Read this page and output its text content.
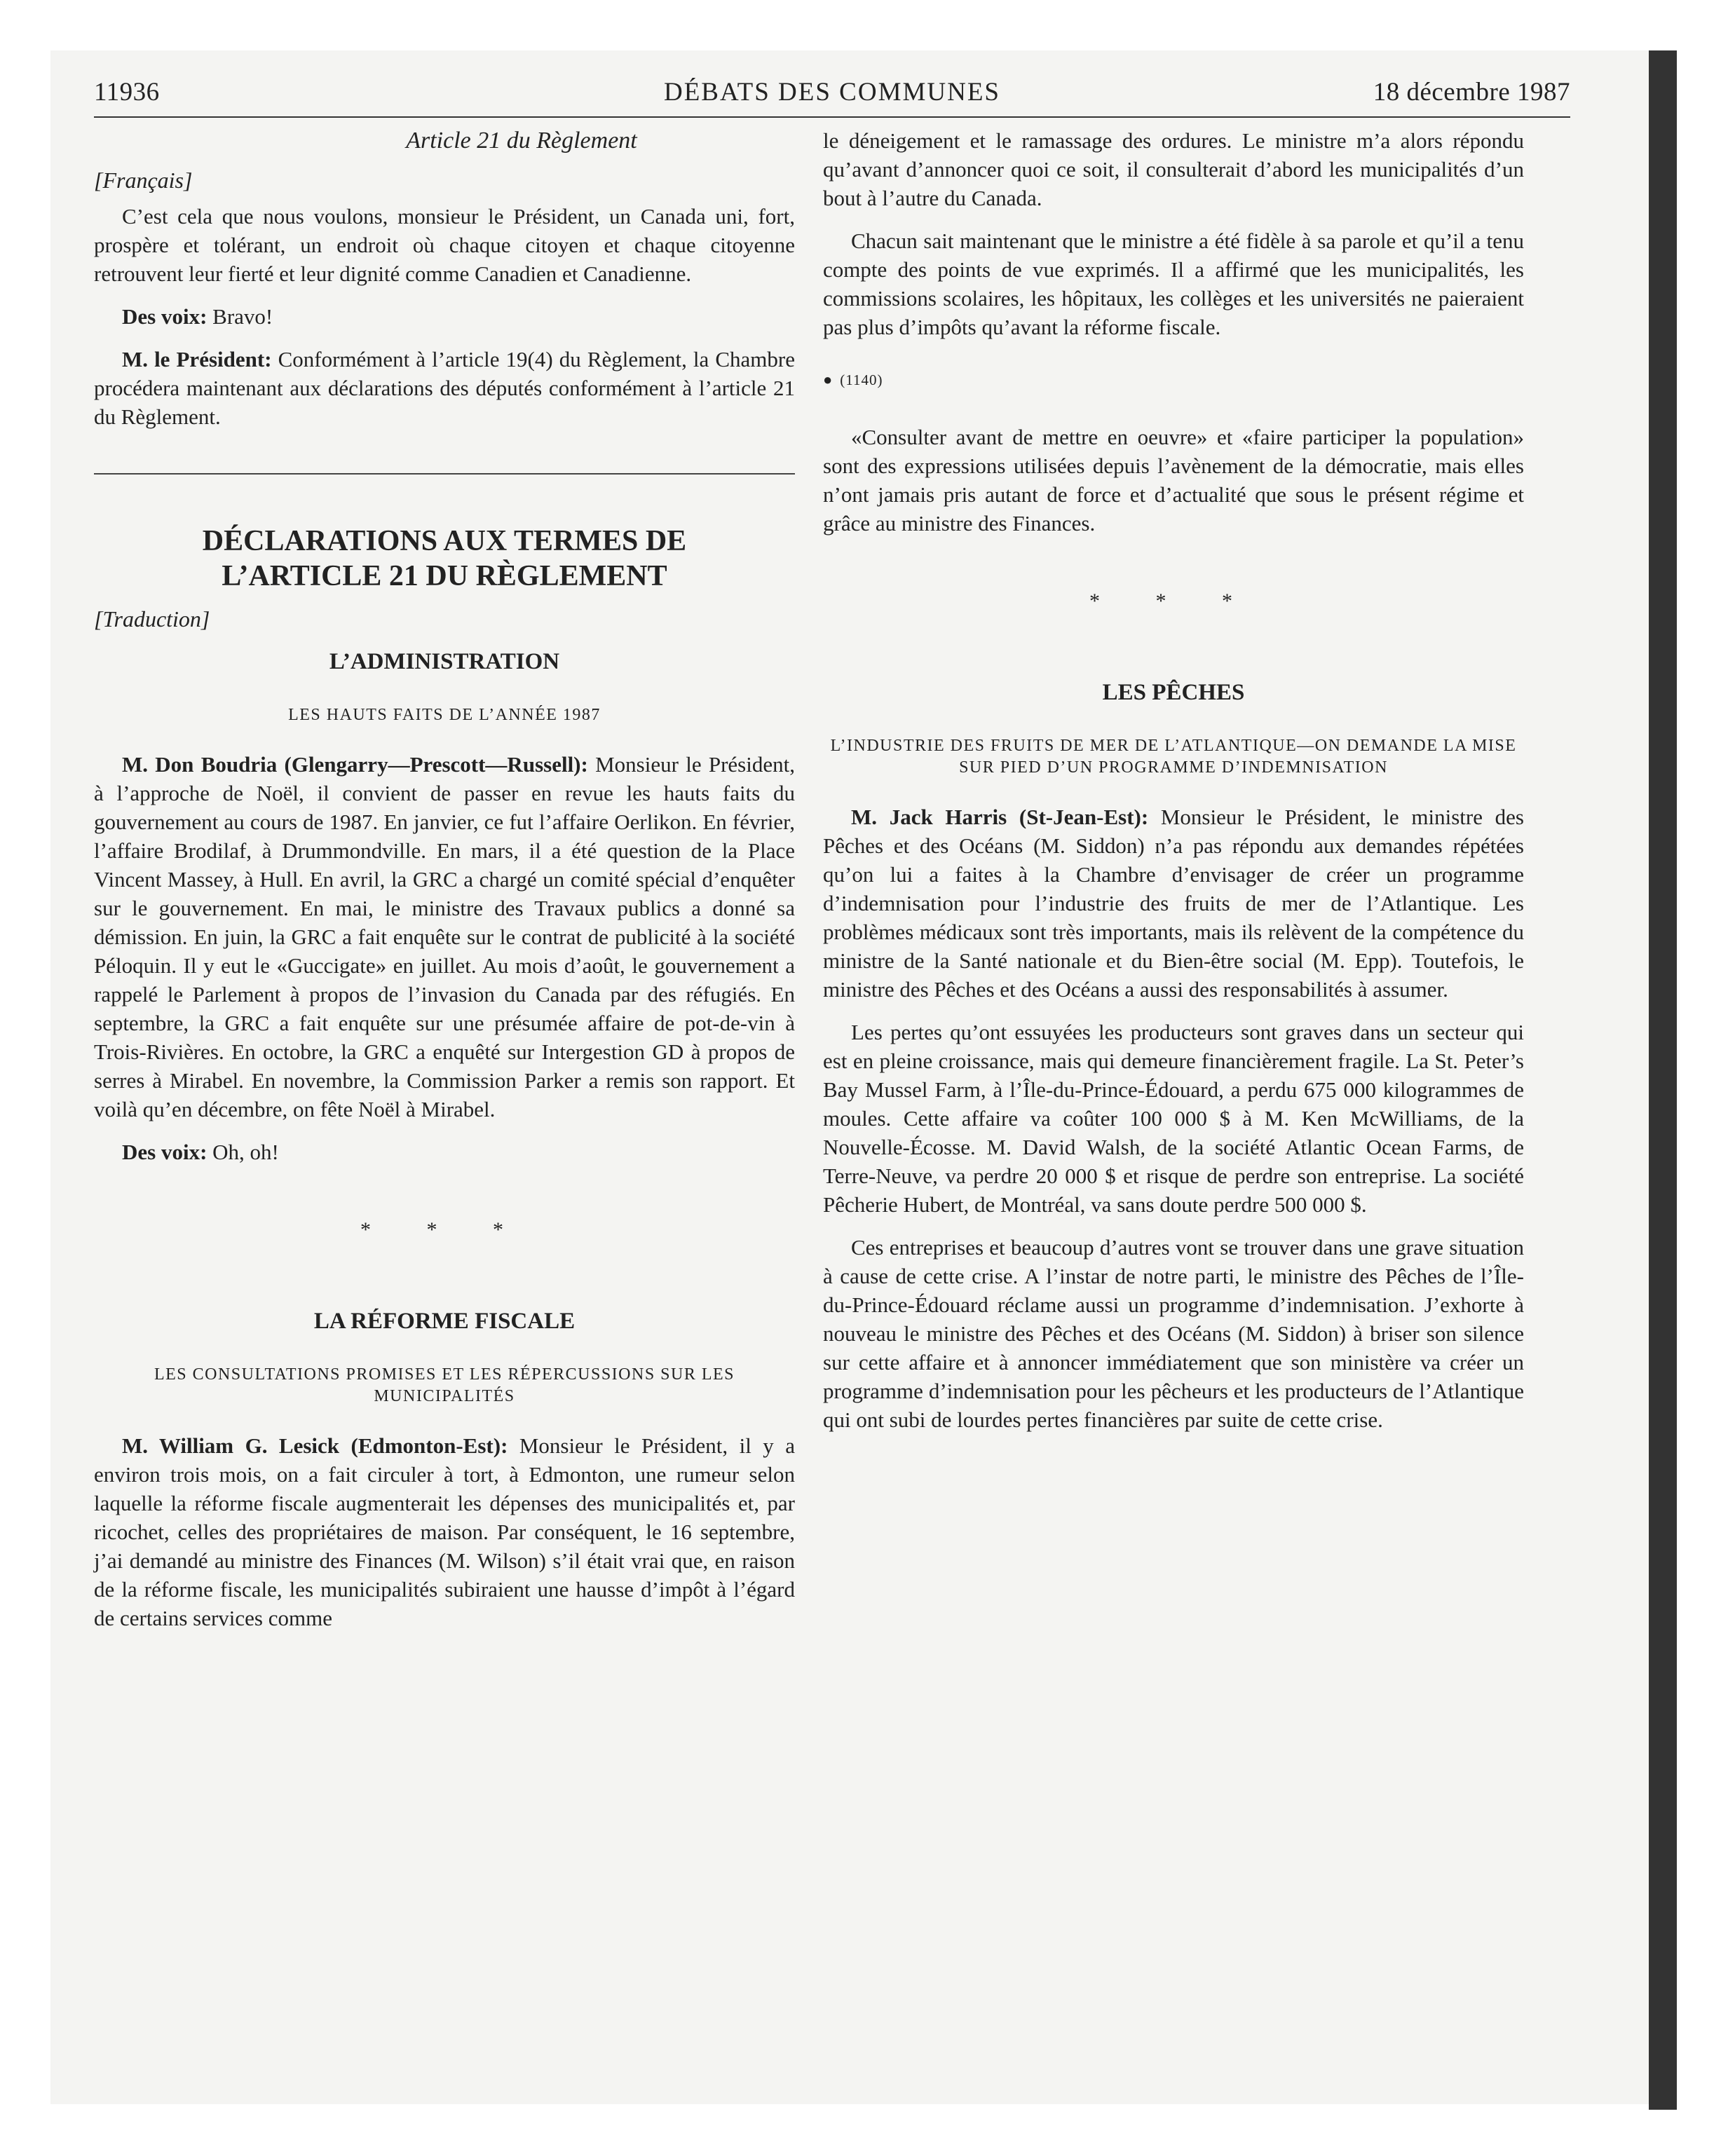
11936	DÉBATS DES COMMUNES	18 décembre 1987
Article 21 du Règlement
[Français]

C’est cela que nous voulons, monsieur le Président, un Canada uni, fort, prospère et tolérant, un endroit où chaque citoyen et chaque citoyenne retrouvent leur fierté et leur dignité comme Canadien et Canadienne.

Des voix: Bravo!

M. le Président: Conformément à l’article 19(4) du Règlement, la Chambre procédera maintenant aux déclarations des députés conformément à l’article 21 du Règlement.

DÉCLARATIONS AUX TERMES DE
L’ARTICLE 21 DU RÈGLEMENT
[Traduction]
L’ADMINISTRATION
LES HAUTS FAITS DE L’ANNÉE 1987

M. Don Boudria (Glengarry—Prescott—Russell): Monsieur le Président, à l’approche de Noël, il convient de passer en revue les hauts faits du gouvernement au cours de 1987. En janvier, ce fut l’affaire Oerlikon. En février, l’affaire Brodilaf, à Drummondville. En mars, il a été question de la Place Vincent Massey, à Hull. En avril, la GRC a chargé un comité spécial d’enquêter sur le gouvernement. En mai, le ministre des Travaux publics a donné sa démission. En juin, la GRC a fait enquête sur le contrat de publicité à la société Péloquin. Il y eut le «Guccigate» en juillet. Au mois d’août, le gouvernement a rappelé le Parlement à propos de l’invasion du Canada par des réfugiés. En septembre, la GRC a fait enquête sur une présumée affaire de pot-de-vin à Trois-Rivières. En octobre, la GRC a enquêté sur Intergestion GD à propos de serres à Mirabel. En novembre, la Commission Parker a remis son rapport. Et voilà qu’en décembre, on fête Noël à Mirabel.

Des voix: Oh, oh!

* * *
LA RÉFORME FISCALE
LES CONSULTATIONS PROMISES ET LES RÉPERCUSSIONS SUR LES MUNICIPALITÉS

M. William G. Lesick (Edmonton-Est): Monsieur le Président, il y a environ trois mois, on a fait circuler à tort, à Edmonton, une rumeur selon laquelle la réforme fiscale augmenterait les dépenses des municipalités et, par ricochet, celles des propriétaires de maison. Par conséquent, le 16 septembre, j’ai demandé au ministre des Finances (M. Wilson) s’il était vrai que, en raison de la réforme fiscale, les municipalités subiraient une hausse d’impôt à l’égard de certains services comme

le déneigement et le ramassage des ordures. Le ministre m’a alors répondu qu’avant d’annoncer quoi ce soit, il consulterait d’abord les municipalités d’un bout à l’autre du Canada.

Chacun sait maintenant que le ministre a été fidèle à sa parole et qu’il a tenu compte des points de vue exprimés. Il a affirmé que les municipalités, les commissions scolaires, les hôpitaux, les collèges et les universités ne paieraient pas plus d’impôts qu’avant la réforme fiscale.

● (1140)

«Consulter avant de mettre en oeuvre» et «faire participer la population» sont des expressions utilisées depuis l’avènement de la démocratie, mais elles n’ont jamais pris autant de force et d’actualité que sous le présent régime et grâce au ministre des Finances.

* * *
LES PÊCHES
L’INDUSTRIE DES FRUITS DE MER DE L’ATLANTIQUE—ON DEMANDE LA MISE SUR PIED D’UN PROGRAMME D’INDEMNISATION

M. Jack Harris (St-Jean-Est): Monsieur le Président, le ministre des Pêches et des Océans (M. Siddon) n’a pas répondu aux demandes répétées qu’on lui a faites à la Chambre d’envisager de créer un programme d’indemnisation pour l’industrie des fruits de mer de l’Atlantique. Les problèmes médicaux sont très importants, mais ils relèvent de la compétence du ministre de la Santé nationale et du Bien-être social (M. Epp). Toutefois, le ministre des Pêches et des Océans a aussi des responsabilités à assumer.

Les pertes qu’ont essuyées les producteurs sont graves dans un secteur qui est en pleine croissance, mais qui demeure financièrement fragile. La St. Peter’s Bay Mussel Farm, à l’Île-du-Prince-Édouard, a perdu 675 000 kilogrammes de moules. Cette affaire va coûter 100 000 $ à M. Ken McWilliams, de la Nouvelle-Écosse. M. David Walsh, de la société Atlantic Ocean Farms, de Terre-Neuve, va perdre 20 000 $ et risque de perdre son entreprise. La société Pêcherie Hubert, de Montréal, va sans doute perdre 500 000 $.

Ces entreprises et beaucoup d’autres vont se trouver dans une grave situation à cause de cette crise. A l’instar de notre parti, le ministre des Pêches de l’Île-du-Prince-Édouard réclame aussi un programme d’indemnisation. J’exhorte à nouveau le ministre des Pêches et des Océans (M. Siddon) à briser son silence sur cette affaire et à annoncer immédiatement que son ministère va créer un programme d’indemnisation pour les pêcheurs et les producteurs de l’Atlantique qui ont subi de lourdes pertes financières par suite de cette crise.
